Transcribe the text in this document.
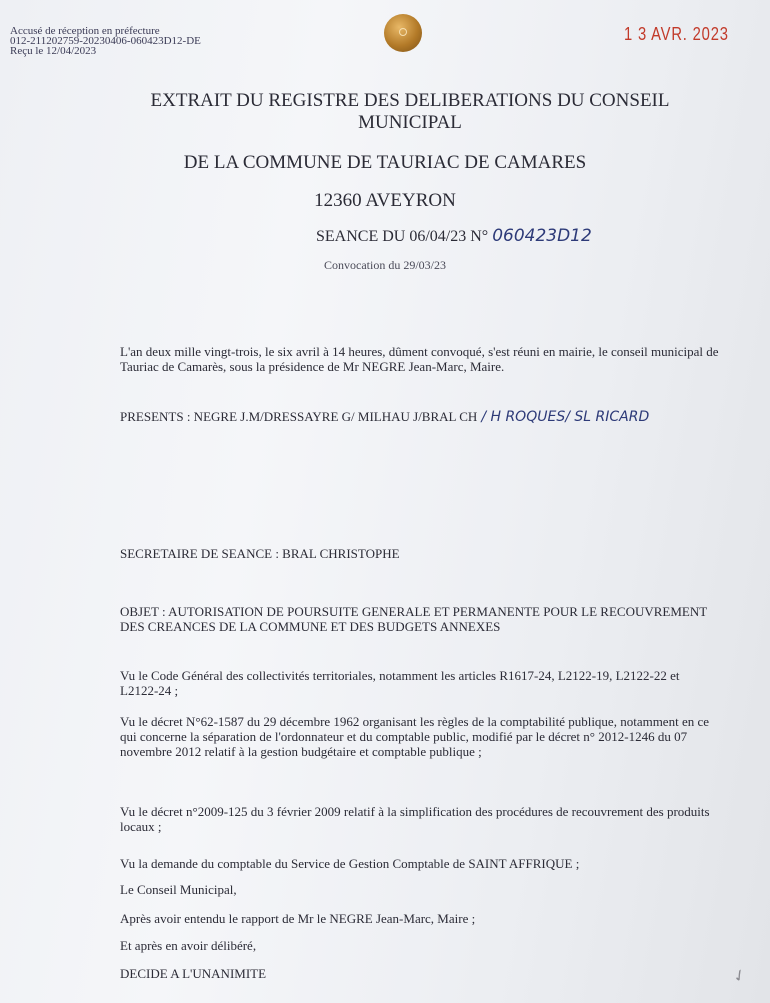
Accusé de réception en préfecture
012-211202759-20230406-060423D12-DE
Reçu le 12/04/2023
1 3 AVR. 2023
EXTRAIT DU REGISTRE DES DELIBERATIONS DU CONSEIL
MUNICIPAL
DE LA COMMUNE DE TAURIAC DE CAMARES
12360 AVEYRON
SEANCE DU 06/04/23 N° 060423D12
Convocation du 29/03/23
L'an deux mille vingt-trois, le six avril à 14 heures, dûment convoqué, s'est réuni en mairie, le conseil municipal de Tauriac de Camarès, sous la présidence de Mr NEGRE Jean-Marc, Maire.
PRESENTS : NEGRE J.M/DRESSAYRE G/ MILHAU J/BRAL CH / H ROQUES/ SL RICARD
SECRETAIRE DE SEANCE : BRAL CHRISTOPHE
OBJET : AUTORISATION DE POURSUITE GENERALE ET PERMANENTE POUR LE RECOUVREMENT DES CREANCES DE LA COMMUNE ET DES BUDGETS ANNEXES
Vu le Code Général des collectivités territoriales, notamment les articles R1617-24, L2122-19, L2122-22 et L2122-24 ;
Vu le décret N°62-1587 du 29 décembre 1962 organisant les règles de la comptabilité publique, notamment en ce qui concerne la séparation de l'ordonnateur et du comptable public, modifié par le décret n° 2012-1246 du 07 novembre 2012 relatif à la gestion budgétaire et comptable publique ;
Vu le décret n°2009-125 du 3 février 2009 relatif à la simplification des procédures de recouvrement des produits locaux ;
Vu la demande du comptable du Service de Gestion Comptable de SAINT AFFRIQUE ;
Le Conseil Municipal,
Après avoir entendu le rapport de Mr le NEGRE Jean-Marc, Maire ;
Et après en avoir délibéré,
DECIDE A L'UNANIMITE	✓
